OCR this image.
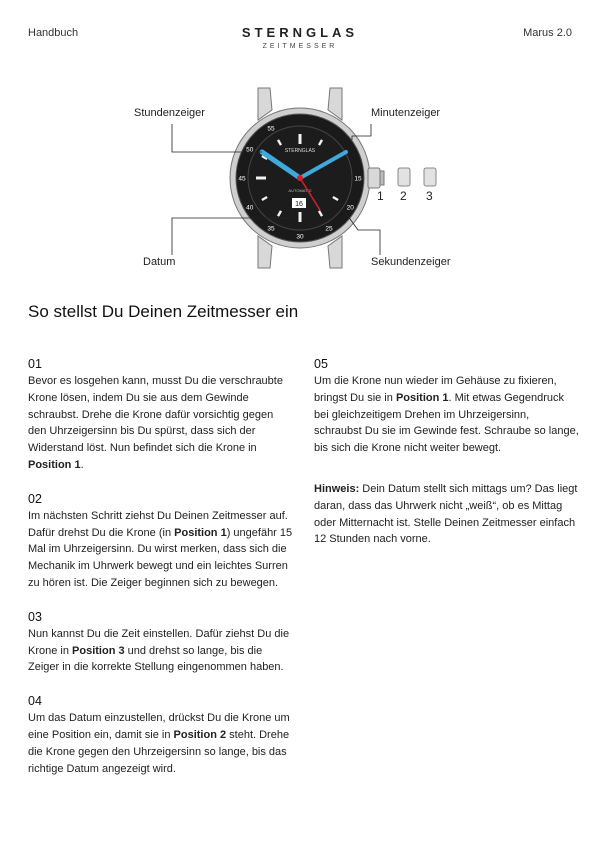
Handbuch	STERNGLAS
ZEITMESSER
Marus 2.0
STERNGLAS
AUTOMATIC
16
1 2 3
55
50
45
40
35
30
25
20
15
Stundenzeiger	Minutenzeiger
Datum	Sekundenzeiger
So stellst Du Deinen Zeitmesser ein
01

Bevor es losgehen kann, musst Du die verschraubte Krone lösen, indem Du sie aus dem Gewinde schraubst. Drehe die Krone dafür vorsichtig gegen den Uhrzeigersinn bis Du spürst, dass sich der Widerstand löst. Nun befindet sich die Krone in Position 1.

02

Im nächsten Schritt ziehst Du Deinen Zeitmesser auf. Dafür drehst Du die Krone (in Position 1) ungefähr 15 Mal im Uhrzeigersinn. Du wirst merken, dass sich die Mechanik im Uhrwerk bewegt und ein leichtes Surren zu hören ist. Die Zeiger beginnen sich zu bewegen.

03

Nun kannst Du die Zeit einstellen. Dafür ziehst Du die Krone in Position 3 und drehst so lange, bis die Zeiger in die korrekte Stellung eingenommen haben.

04

Um das Datum einzustellen, drückst Du die Krone um eine Position ein, damit sie in Position 2 steht. Drehe die Krone gegen den Uhrzeigersinn so lange, bis das richtige Datum angezeigt wird.

05

Um die Krone nun wieder im Gehäuse zu fixieren, bringst Du sie in Position 1. Mit etwas Gegendruck bei gleichzeitigem Drehen im Uhrzeigersinn, schraubst Du sie im Gewinde fest. Schraube so lange, bis sich die Krone nicht weiter bewegt.

Hinweis: Dein Datum stellt sich mittags um? Das liegt daran, dass das Uhrwerk nicht „weiß“, ob es Mittag oder Mitternacht ist. Stelle Deinen Zeitmesser einfach 12 Stunden nach vorne.
